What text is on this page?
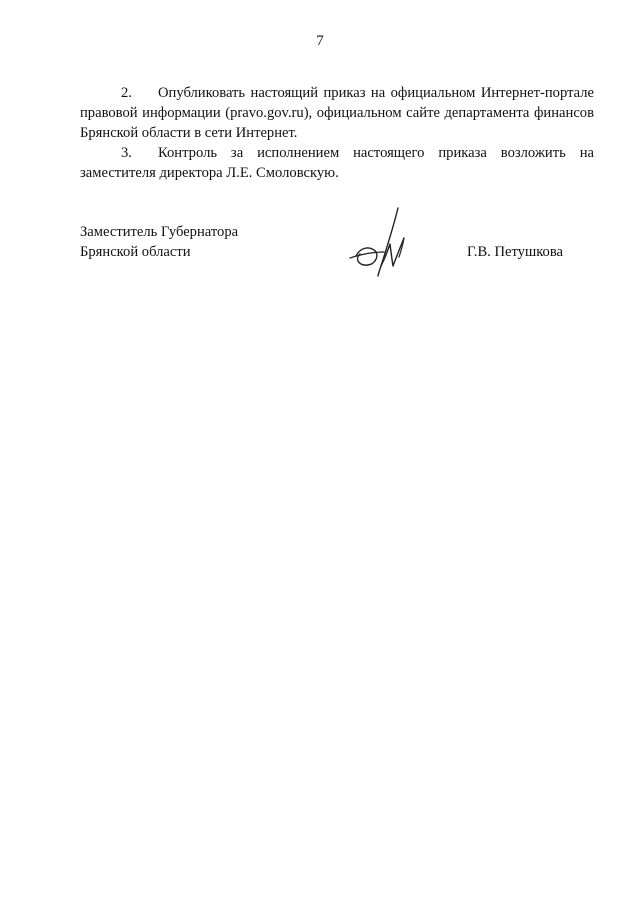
7

2. Опубликовать настоящий приказ на официальном Интернет-портале правовой информации (pravo.gov.ru), официальном сайте департамента финансов Брянской области в сети Интернет.

3. Контроль за исполнением настоящего приказа возложить на заместителя директора Л.Е. Смоловскую.

Заместитель Губернатора
Брянской области	Г.В. Петушкова
